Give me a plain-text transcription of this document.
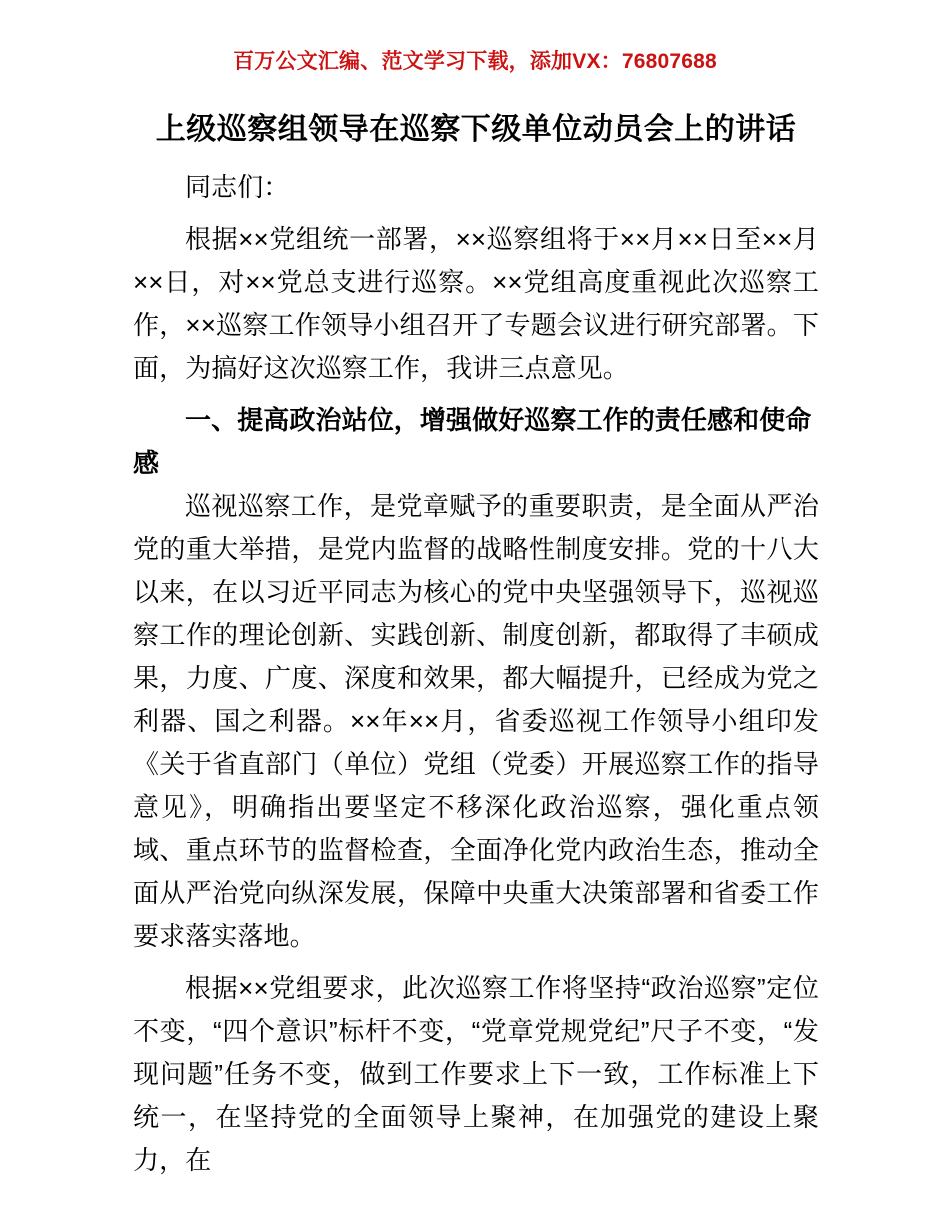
百万公文汇编、范文学习下载，添加VX：76807688
上级巡察组领导在巡察下级单位动员会上的讲话

同志们：

根据××党组统一部署，××巡察组将于××月××日至××月××日，对××党总支进行巡察。××党组高度重视此次巡察工作，××巡察工作领导小组召开了专题会议进行研究部署。下面，为搞好这次巡察工作，我讲三点意见。

一、提高政治站位，增强做好巡察工作的责任感和使命感

巡视巡察工作，是党章赋予的重要职责，是全面从严治党的重大举措，是党内监督的战略性制度安排。党的十八大以来，在以习近平同志为核心的党中央坚强领导下，巡视巡察工作的理论创新、实践创新、制度创新，都取得了丰硕成果，力度、广度、深度和效果，都大幅提升，已经成为党之利器、国之利器。××年××月，省委巡视工作领导小组印发《关于省直部门（单位）党组（党委）开展巡察工作的指导意见》，明确指出要坚定不移深化政治巡察，强化重点领域、重点环节的监督检查，全面净化党内政治生态，推动全面从严治党向纵深发展，保障中央重大决策部署和省委工作要求落实落地。

根据××党组要求，此次巡察工作将坚持“政治巡察”定位不变，“四个意识”标杆不变，“党章党规党纪”尺子不变，“发现问题”任务不变，做到工作要求上下一致，工作标准上下统一，在坚持党的全面领导上聚神，在加强党的建设上聚力，在
